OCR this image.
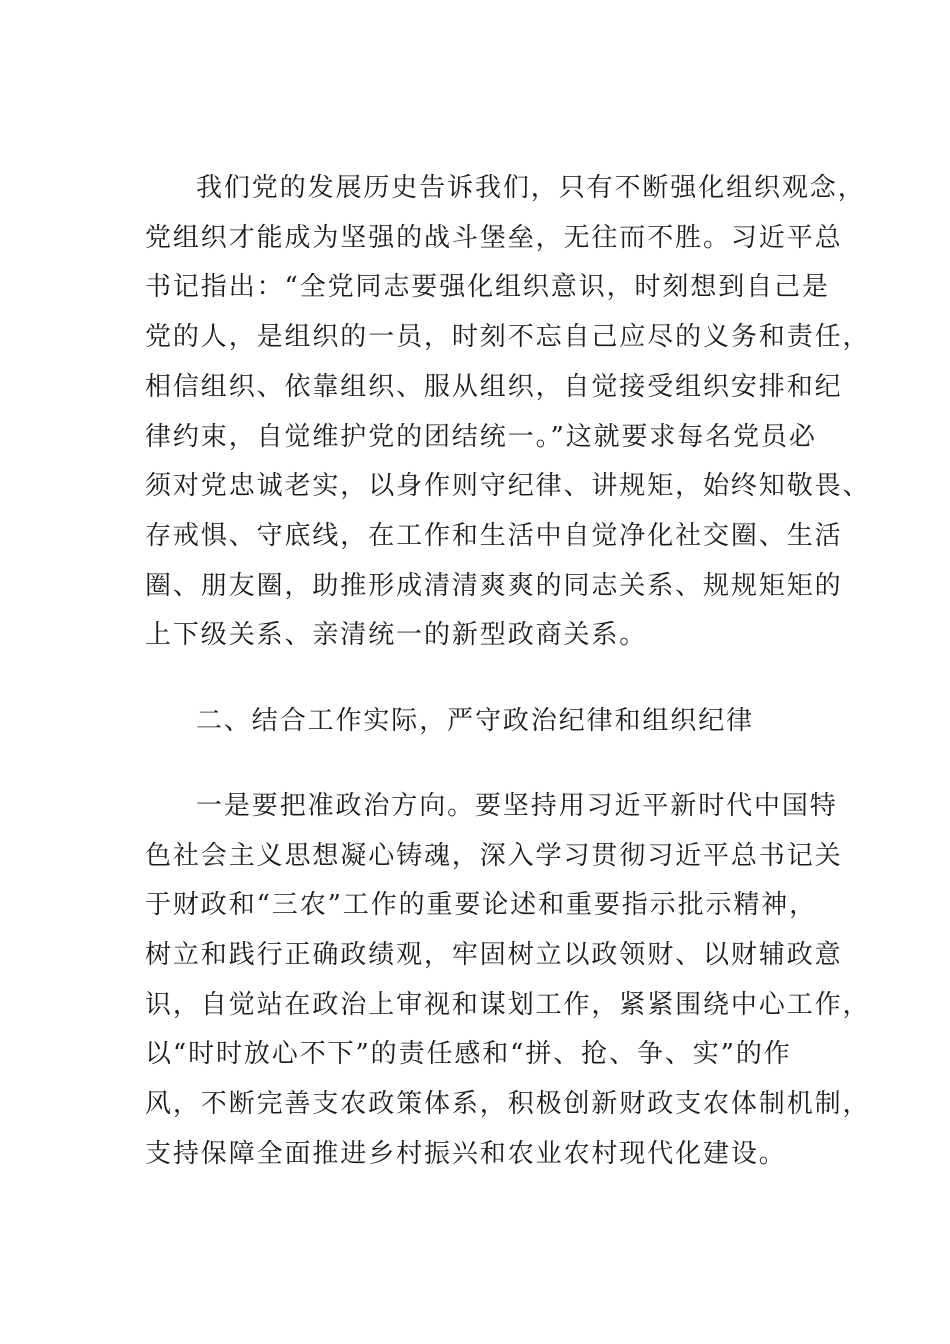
我们党的发展历史告诉我们，只有不断强化组织观念，
党组织才能成为坚强的战斗堡垒，无往而不胜。习近平总
书记指出：“全党同志要强化组织意识，时刻想到自己是
党的人，是组织的一员，时刻不忘自己应尽的义务和责任，
相信组织、依靠组织、服从组织，自觉接受组织安排和纪
律约束，自觉维护党的团结统一。”这就要求每名党员必
须对党忠诚老实，以身作则守纪律、讲规矩，始终知敬畏、
存戒惧、守底线，在工作和生活中自觉净化社交圈、生活
圈、朋友圈，助推形成清清爽爽的同志关系、规规矩矩的
上下级关系、亲清统一的新型政商关系。
二、结合工作实际，严守政治纪律和组织纪律
一是要把准政治方向。要坚持用习近平新时代中国特
色社会主义思想凝心铸魂，深入学习贯彻习近平总书记关
于财政和“三农”工作的重要论述和重要指示批示精神，
树立和践行正确政绩观，牢固树立以政领财、以财辅政意
识，自觉站在政治上审视和谋划工作，紧紧围绕中心工作，
以“时时放心不下”的责任感和“拼、抢、争、实”的作
风，不断完善支农政策体系，积极创新财政支农体制机制，
支持保障全面推进乡村振兴和农业农村现代化建设。
